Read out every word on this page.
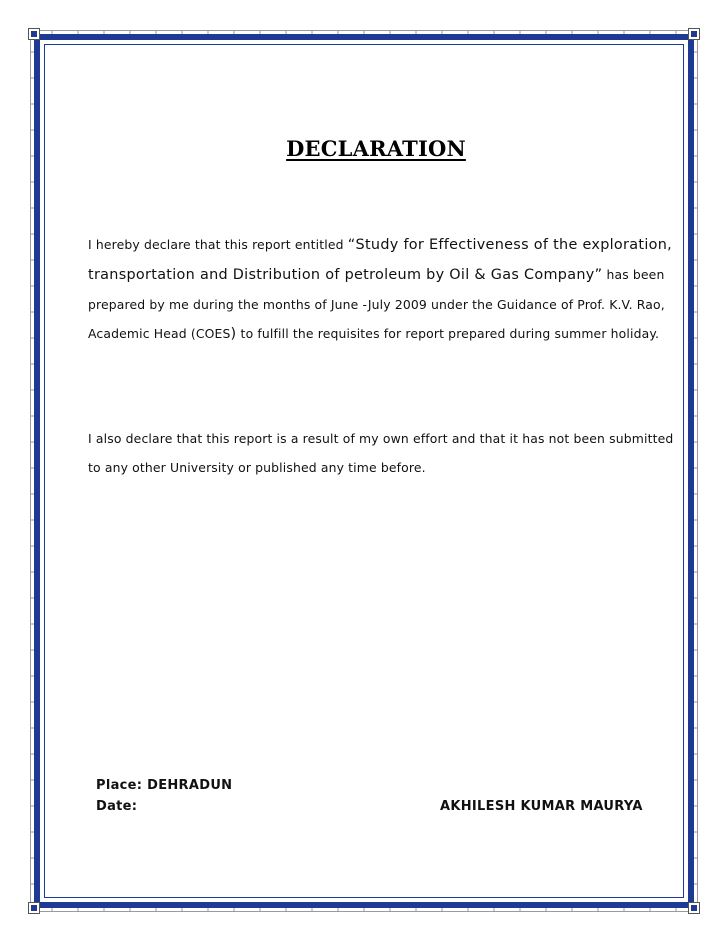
DECLARATION

I hereby declare that this report entitled “Study for Effectiveness of the exploration, transportation and Distribution of petroleum by Oil & Gas Company” has been prepared by me during the months of June -July 2009 under the Guidance of Prof. K.V. Rao, Academic Head (COES) to fulfill the requisites for report prepared during summer holiday.

I also declare that this report is a result of my own effort and that it has not been submitted to any other University or published any time before.

Place: DEHRADUN
Date:	AKHILESH KUMAR MAURYA
